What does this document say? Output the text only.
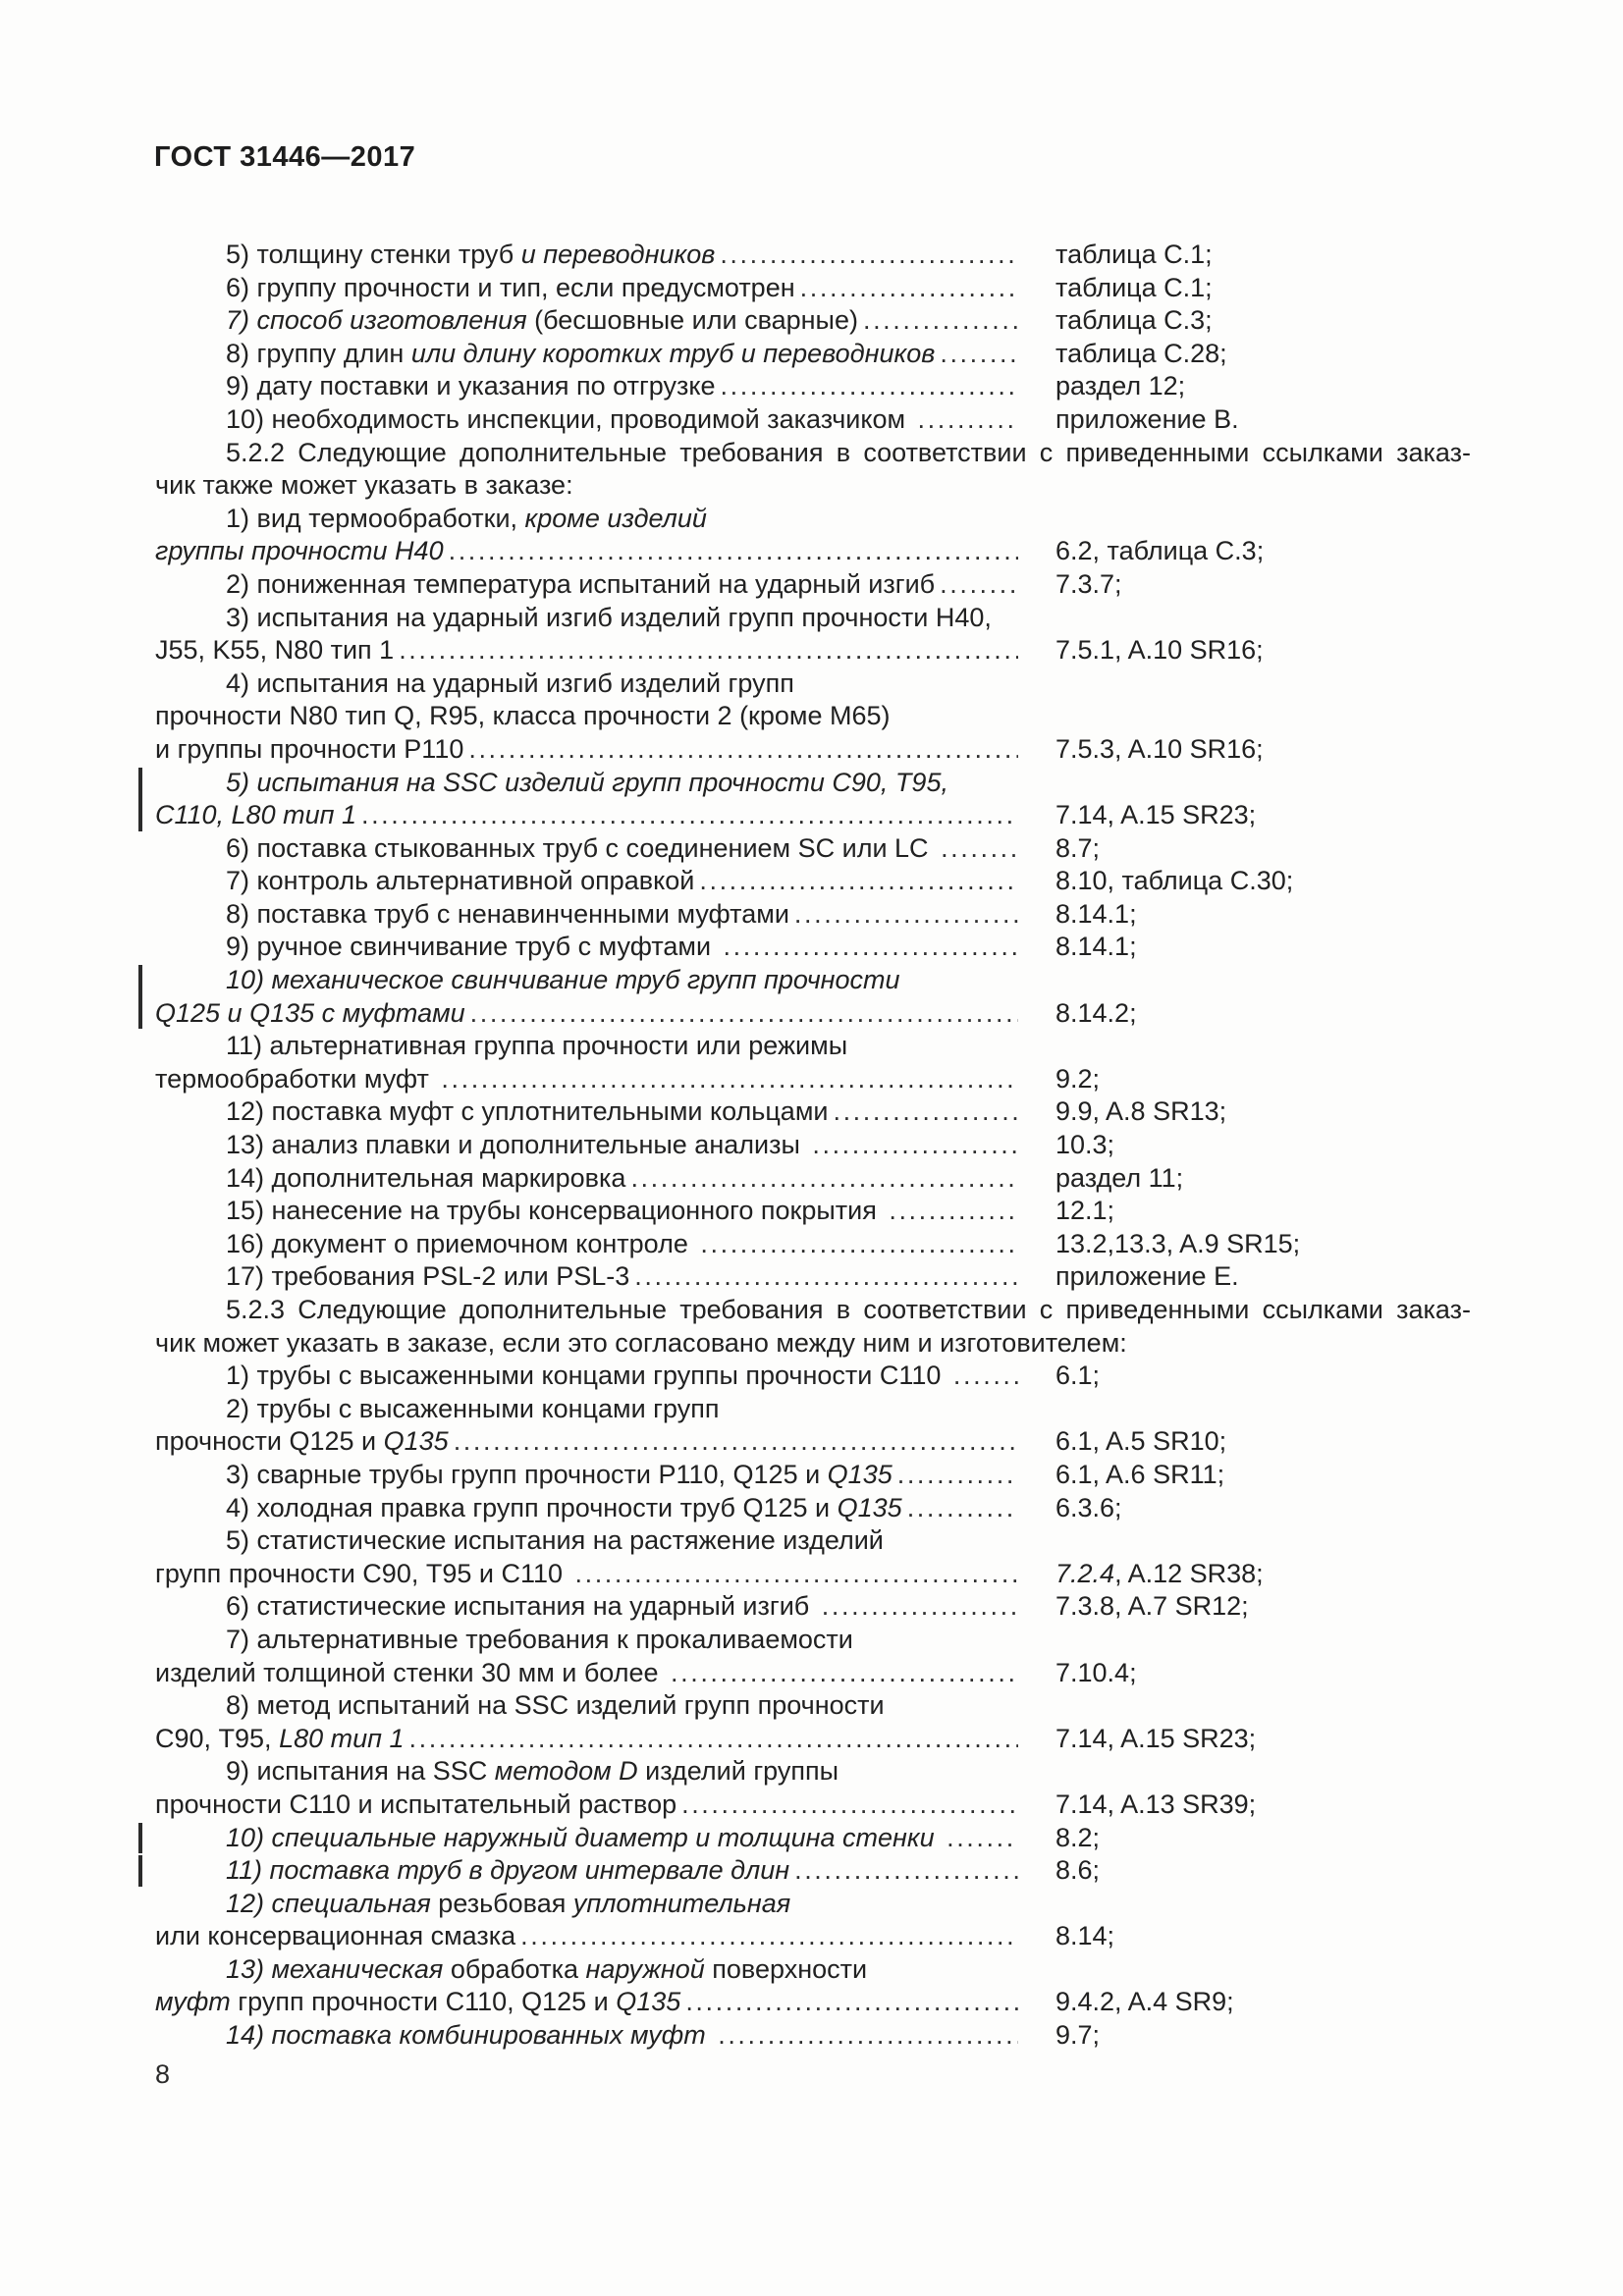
ГОСТ 31446—2017
5) толщину стенки труб и переводников .....	таблица С.1;
6) группу прочности и тип, если предусмотрен .....	таблица С.1;
7) способ изготовления (бесшовные или сварные) .....	таблица С.3;
8) группу длин или длину коротких труб и переводников .....	таблица С.28;
9) дату поставки и указания по отгрузке .....	раздел 12;
10) необходимость инспекции, проводимой заказчиком .....	приложение В.
5.2.2 Следующие дополнительные требования в соответствии с приведенными ссылками заказ-
чик также может указать в заказе:
1) вид термообработки, кроме изделий
группы прочности Н40 .....	6.2, таблица С.3;
2) пониженная температура испытаний на ударный изгиб .....	7.3.7;
3) испытания на ударный изгиб изделий групп прочности Н40,
J55, K55, N80 тип 1 .....	7.5.1, A.10 SR16;
4) испытания на ударный изгиб изделий групп
прочности N80 тип Q, R95, класса прочности 2 (кроме М65)
и группы прочности Р110 .....	7.5.3, A.10 SR16;
5) испытания на SSC изделий групп прочности С90, Т95,
С110, L80 тип 1 .....	7.14, A.15 SR23;
6) поставка стыкованных труб с соединением SC или LC .....	8.7;
7) контроль альтернативной оправкой .....	8.10, таблица С.30;
8) поставка труб с ненавинченными муфтами .....	8.14.1;
9) ручное свинчивание труб с муфтами .....	8.14.1;
10) механическое свинчивание труб групп прочности
Q125 и Q135 с муфтами .....	8.14.2;
11) альтернативная группа прочности или режимы
термообработки муфт .....	9.2;
12) поставка муфт с уплотнительными кольцами .....	9.9, A.8 SR13;
13) анализ плавки и дополнительные анализы .....	10.3;
14) дополнительная маркировка .....	раздел 11;
15) нанесение на трубы консервационного покрытия .....	12.1;
16) документ о приемочном контроле .....	13.2,13.3, A.9 SR15;
17) требования PSL-2 или PSL-3 .....	приложение Е.
5.2.3 Следующие дополнительные требования в соответствии с приведенными ссылками заказ-
чик может указать в заказе, если это согласовано между ним и изготовителем:
1) трубы с высаженными концами группы прочности С110 .....	6.1;
2) трубы с высаженными концами групп
прочности Q125 и Q135 .....	6.1, A.5 SR10;
3) сварные трубы групп прочности Р110, Q125 и Q135 .....	6.1, A.6 SR11;
4) холодная правка групп прочности труб Q125 и Q135 .....	6.3.6;
5) статистические испытания на растяжение изделий
групп прочности С90, Т95 и С110 .....	7.2.4, A.12 SR38;
6) статистические испытания на ударный изгиб .....	7.3.8, A.7 SR12;
7) альтернативные требования к прокаливаемости
изделий толщиной стенки 30 мм и более .....	7.10.4;
8) метод испытаний на SSC изделий групп прочности
С90, Т95, L80 тип 1 .....	7.14, A.15 SR23;
9) испытания на SSC методом D изделий группы
прочности С110 и испытательный раствор .....	7.14, A.13 SR39;
10) специальные наружный диаметр и толщина стенки .....	8.2;
11) поставка труб в другом интервале длин .....	8.6;
12) специальная резьбовая уплотнительная
или консервационная смазка .....	8.14;
13) механическая обработка наружной поверхности
муфт групп прочности С110, Q125 и Q135 .....	9.4.2, A.4 SR9;
14) поставка комбинированных муфт .....	9.7;
8
